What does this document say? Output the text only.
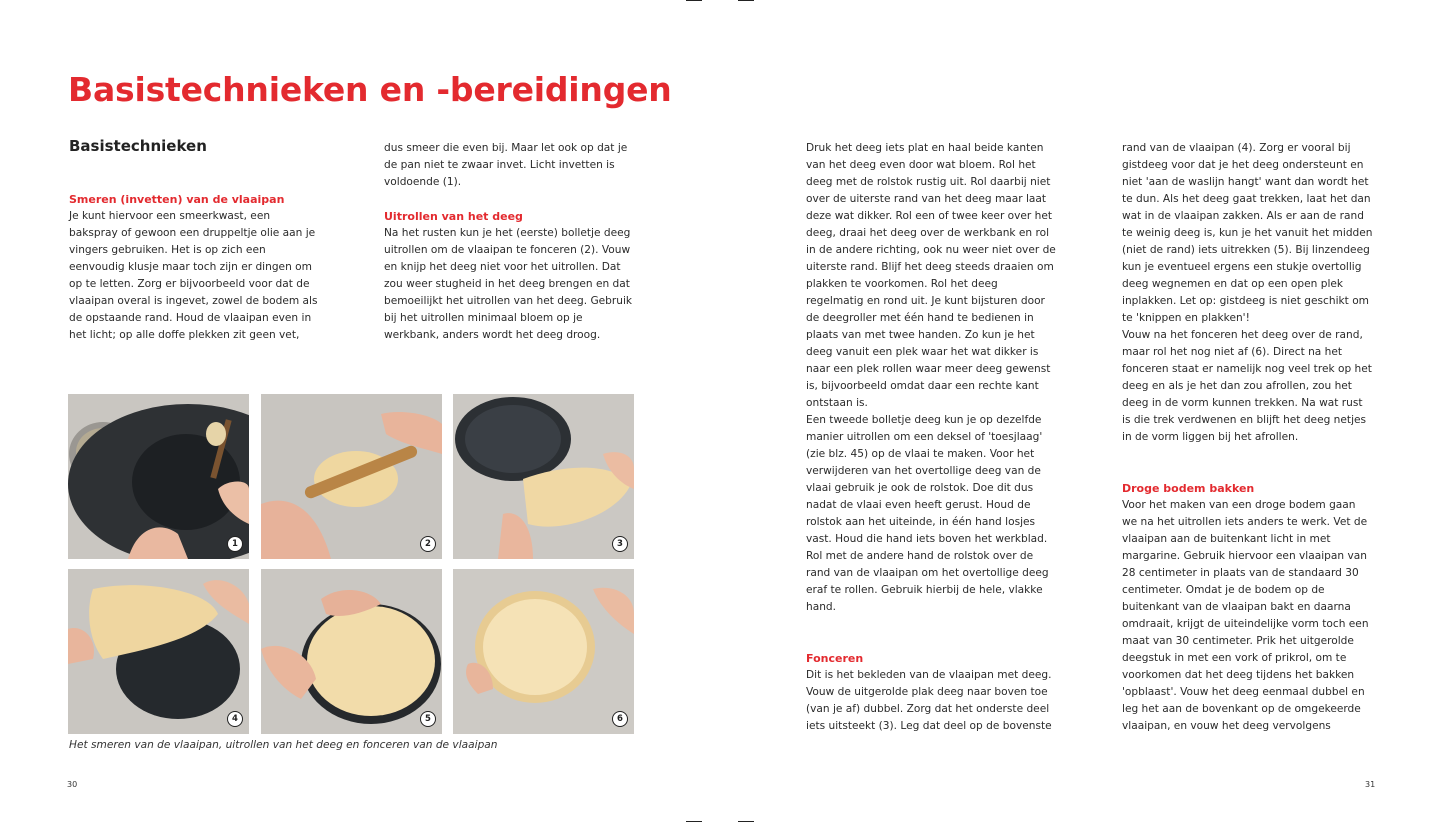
Basistechnieken en -bereidingen
Basistechnieken

Smeren (invetten) van de vlaaipan

Je kunt hiervoor een smeerkwast, een bakspray of gewoon een druppeltje olie aan je vingers gebruiken. Het is op zich een eenvoudig klusje maar toch zijn er dingen om op te letten. Zorg er bijvoorbeeld voor dat de vlaaipan overal is ingevet, zowel de bodem als de opstaande rand. Houd de vlaaipan even in het licht; op alle doffe plekken zit geen vet,

dus smeer die even bij. Maar let ook op dat je de pan niet te zwaar invet. Licht invetten is voldoende (1).

Uitrollen van het deeg

Na het rusten kun je het (eerste) bolletje deeg uitrollen om de vlaaipan te fonceren (2). Vouw en knijp het deeg niet voor het uitrollen. Dat zou weer stugheid in het deeg brengen en dat bemoeilijkt het uitrollen van het deeg. Gebruik bij het uitrollen minimaal bloem op je werkbank, anders wordt het deeg droog.

1	2	3
4	5	6

Het smeren van de vlaaipan, uitrollen van het deeg en fonceren van de vlaaipan

Druk het deeg iets plat en haal beide kanten van het deeg even door wat bloem. Rol het deeg met de rolstok rustig uit. Rol daarbij niet over de uiterste rand van het deeg maar laat deze wat dikker. Rol een of twee keer over het deeg, draai het deeg over de werkbank en rol in de andere richting, ook nu weer niet over de uiterste rand. Blijf het deeg steeds draaien om plakken te voorkomen. Rol het deeg regelmatig en rond uit. Je kunt bijsturen door de deegroller met één hand te bedienen in plaats van met twee handen. Zo kun je het deeg vanuit een plek waar het wat dikker is naar een plek rollen waar meer deeg gewenst is, bijvoorbeeld omdat daar een rechte kant ontstaan is.

Een tweede bolletje deeg kun je op dezelfde manier uitrollen om een deksel of 'toesjlaag' (zie blz. 45) op de vlaai te maken. Voor het verwijderen van het overtollige deeg van de vlaai gebruik je ook de rolstok. Doe dit dus nadat de vlaai even heeft gerust. Houd de rolstok aan het uiteinde, in één hand losjes vast. Houd die hand iets boven het werkblad. Rol met de andere hand de rolstok over de rand van de vlaaipan om het overtollige deeg eraf te rollen. Gebruik hierbij de hele, vlakke hand.

Fonceren

Dit is het bekleden van de vlaaipan met deeg. Vouw de uitgerolde plak deeg naar boven toe (van je af) dubbel. Zorg dat het onderste deel iets uitsteekt (3). Leg dat deel op de bovenste

rand van de vlaaipan (4). Zorg er vooral bij gistdeeg voor dat je het deeg ondersteunt en niet 'aan de waslijn hangt' want dan wordt het te dun. Als het deeg gaat trekken, laat het dan wat in de vlaaipan zakken. Als er aan de rand te weinig deeg is, kun je het vanuit het midden (niet de rand) iets uitrekken (5). Bij linzendeeg kun je eventueel ergens een stukje overtollig deeg wegnemen en dat op een open plek inplakken. Let op: gistdeeg is niet geschikt om te 'knippen en plakken'!

Vouw na het fonceren het deeg over de rand, maar rol het nog niet af (6). Direct na het fonceren staat er namelijk nog veel trek op het deeg en als je het dan zou afrollen, zou het deeg in de vorm kunnen trekken. Na wat rust is die trek verdwenen en blijft het deeg netjes in de vorm liggen bij het afrollen.

Droge bodem bakken

Voor het maken van een droge bodem gaan we na het uitrollen iets anders te werk. Vet de vlaaipan aan de buitenkant licht in met margarine. Gebruik hiervoor een vlaaipan van 28 centimeter in plaats van de standaard 30 centimeter. Omdat je de bodem op de buitenkant van de vlaaipan bakt en daarna omdraait, krijgt de uiteindelijke vorm toch een maat van 30 centimeter. Prik het uitgerolde deegstuk in met een vork of prikrol, om te voorkomen dat het deeg tijdens het bakken 'opblaast'. Vouw het deeg eenmaal dubbel en leg het aan de bovenkant op de omgekeerde vlaaipan, en vouw het deeg vervolgens

30	31
